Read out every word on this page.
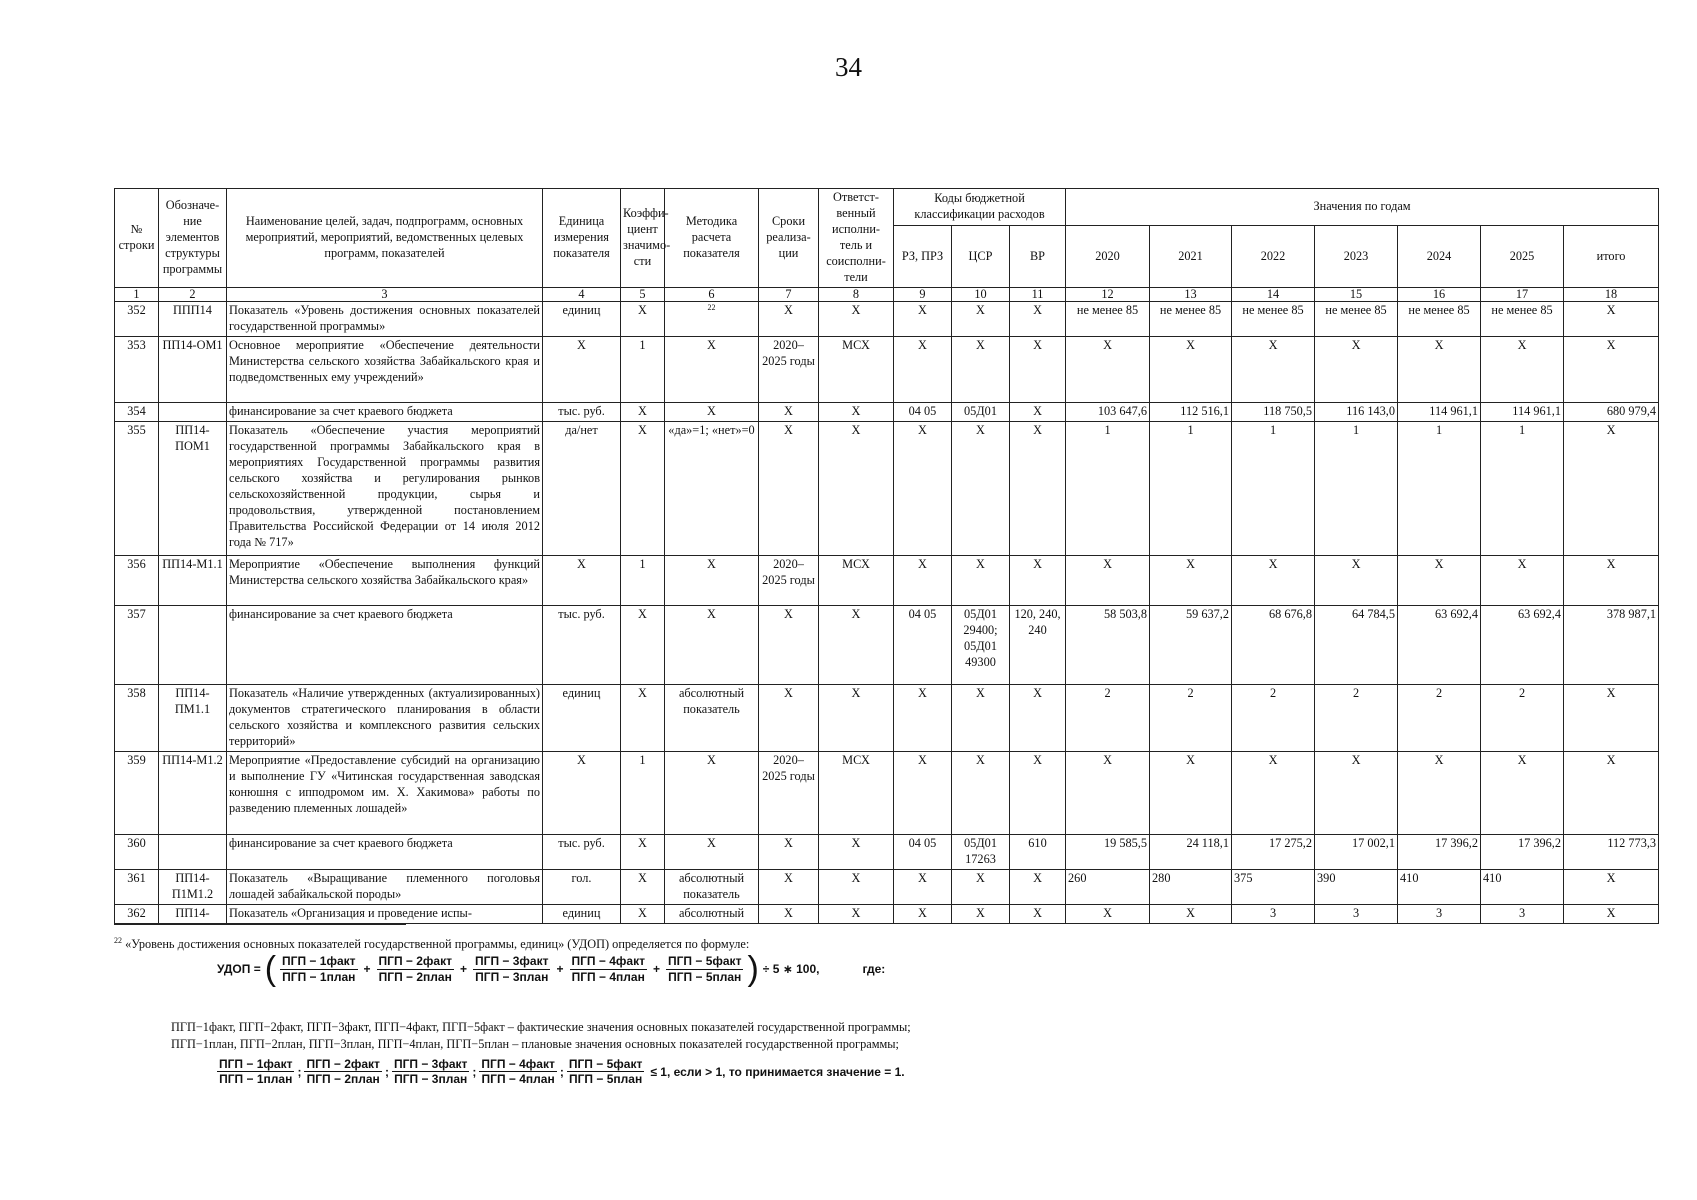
34
№ строки	Обозначе-ние элементов структуры программы	Наименование целей, задач, подпрограмм, основных мероприятий, мероприятий, ведомственных целевых программ, показателей	Единица измерения показателя	Коэффи-циент значимо-сти	Методика расчета показателя	Сроки реализа-ции	Ответст-венный исполни-тель и соисполни-тели	Коды бюджетной классификации расходов			Значения по годам						
								РЗ, ПРЗ	ЦСР	ВР	2020	2021	2022	2023	2024	2025	итого
1	2	3	4	5	6	7	8	9	10	11	12	13	14	15	16	17	18
352	ППП14	Показатель «Уровень достижения основных показателей государственной программы»	единиц	Х	$^{22}$	Х	Х	Х	Х	Х	не менее 85	не менее 85	не менее 85	не менее 85	не менее 85	не менее 85	Х
353	ПП14-ОМ1	Основное мероприятие «Обеспечение деятельности Министерства сельского хозяйства Забайкальского края и подведомственных ему учреждений»	Х	1	Х	2020–2025 годы	МСХ	Х	Х	Х	Х	Х	Х	Х	Х	Х	Х
354		финансирование за счет краевого бюджета	тыс. руб.	Х	Х	Х	Х	04 05	05Д01	Х	103 647,6	112 516,1	118 750,5	116 143,0	114 961,1	114 961,1	680 979,4
355	ПП14-ПОМ1	Показатель «Обеспечение участия мероприятий государственной программы Забайкальского края в мероприятиях Государственной программы развития сельского хозяйства и регулирования рынков сельскохозяйственной продукции, сырья и продовольствия, утвержденной постановлением Правительства Российской Федерации от 14 июля 2012 года № 717»	да/нет	Х	«да»=1; «нет»=0	Х	Х	Х	Х	Х	1	1	1	1	1	1	Х
356	ПП14-М1.1	Мероприятие «Обеспечение выполнения функций Министерства сельского хозяйства Забайкальского края»	Х	1	Х	2020–2025 годы	МСХ	Х	Х	Х	Х	Х	Х	Х	Х	Х	Х
357		финансирование за счет краевого бюджета	тыс. руб.	Х	Х	Х	Х	04 05	05Д01 29400; 05Д01 49300	120, 240, 240	58 503,8	59 637,2	68 676,8	64 784,5	63 692,4	63 692,4	378 987,1
358	ПП14-ПМ1.1	Показатель «Наличие утвержденных (актуализированных) документов стратегического планирования в области сельского хозяйства и комплексного развития сельских территорий»	единиц	Х	абсолютный показатель	Х	Х	Х	Х	Х	2	2	2	2	2	2	Х
359	ПП14-М1.2	Мероприятие «Предоставление субсидий на организацию и выполнение ГУ «Читинская государственная заводская конюшня с ипподромом им. Х. Хакимова» работы по разведению племенных лошадей»	Х	1	Х	2020–2025 годы	МСХ	Х	Х	Х	Х	Х	Х	Х	Х	Х	Х
360		финансирование за счет краевого бюджета	тыс. руб.	Х	Х	Х	Х	04 05	05Д01 17263	610	19 585,5	24 118,1	17 275,2	17 002,1	17 396,2	17 396,2	112 773,3
361	ПП14-П1М1.2	Показатель «Выращивание племенного поголовья лошадей забайкальской породы»	гол.	Х	абсолютный показатель	Х	Х	Х	Х	Х	260	280	375	390	410	410	Х
362	ПП14-	Показатель «Организация и проведение испы-	единиц	Х	абсолютный	Х	Х	Х	Х	Х	Х	Х	3	3	3	3	Х
$^{22}$ «Уровень достижения основных показателей государственной программы, единиц» (УДОП) определяется по формуле:
УДОП = ( $\frac{\text{ПГП − 1факт}}{\text{ПГП − 1план}} + \frac{\text{ПГП − 2факт}}{\text{ПГП − 2план}} + \frac{\text{ПГП − 3факт}}{\text{ПГП − 3план}} + \frac{\text{ПГП − 4факт}}{\text{ПГП − 4план}} + \frac{\text{ПГП − 5факт}}{\text{ПГП − 5план}}$ ) ÷ 5 ∗ 100,	где:
ПГП−1факт, ПГП−2факт, ПГП−3факт, ПГП−4факт, ПГП−5факт – фактические значения основных показателей государственной программы;
ПГП−1план, ПГП−2план, ПГП−3план, ПГП−4план, ПГП−5план – плановые значения основных показателей государственной программы;
$\frac{\text{ПГП − 1факт}}{\text{ПГП − 1план}}$ ; $\frac{\text{ПГП − 2факт}}{\text{ПГП − 2план}}$ ; $\frac{\text{ПГП − 3факт}}{\text{ПГП − 3план}}$ ; $\frac{\text{ПГП − 4факт}}{\text{ПГП − 4план}}$ ; $\frac{\text{ПГП − 5факт}}{\text{ПГП − 5план}} \le 1$, если > 1, то принимается значение = 1.
